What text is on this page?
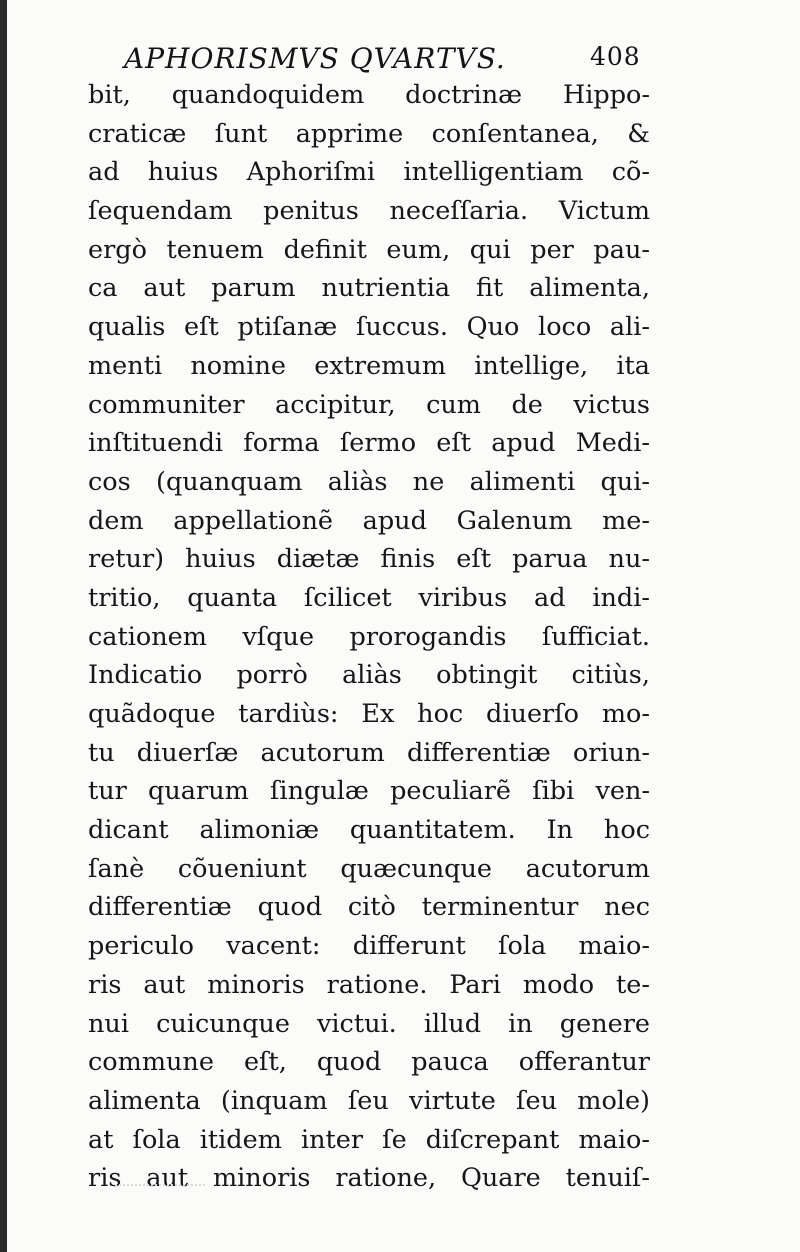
APHORISMVS QVARTVS.	408
bit, quandoquidem doctrinæ Hippo-
craticæ ſunt apprime conſentanea, &
ad huius Aphoriſmi intelligentiam cõ-
ſequendam penitus neceſſaria. Victum
ergò tenuem definit eum, qui per pau-
ca aut parum nutrientia fit alimenta,
qualis eſt ptiſanæ ſuccus. Quo loco ali-
menti nomine extremum intellige, ita
communiter accipitur, cum de victus
inſtituendi forma ſermo eſt apud Medi-
cos (quanquam aliàs ne alimenti qui-
dem appellationẽ apud Galenum me-
retur) huius diætæ finis eſt parua nu-
tritio, quanta ſcilicet viribus ad indi-
cationem vſque prorogandis ſufficiat.
Indicatio porrò aliàs obtingit citiùs,
quãdoque tardiùs: Ex hoc diuerſo mo-
tu diuerſæ acutorum differentiæ oriun-
tur quarum ſingulæ peculiarẽ ſibi ven-
dicant alimoniæ quantitatem. In hoc
ſanè cõueniunt quæcunque acutorum
differentiæ quod citò terminentur nec
periculo vacent: differunt ſola maio-
ris aut minoris ratione. Pari modo te-
nui cuicunque victui. illud in genere
commune eſt, quod pauca offerantur
alimenta (inquam ſeu virtute ſeu mole)
at ſola itidem inter ſe diſcrepant maio-
ris aut minoris ratione, Quare tenuiſ-
